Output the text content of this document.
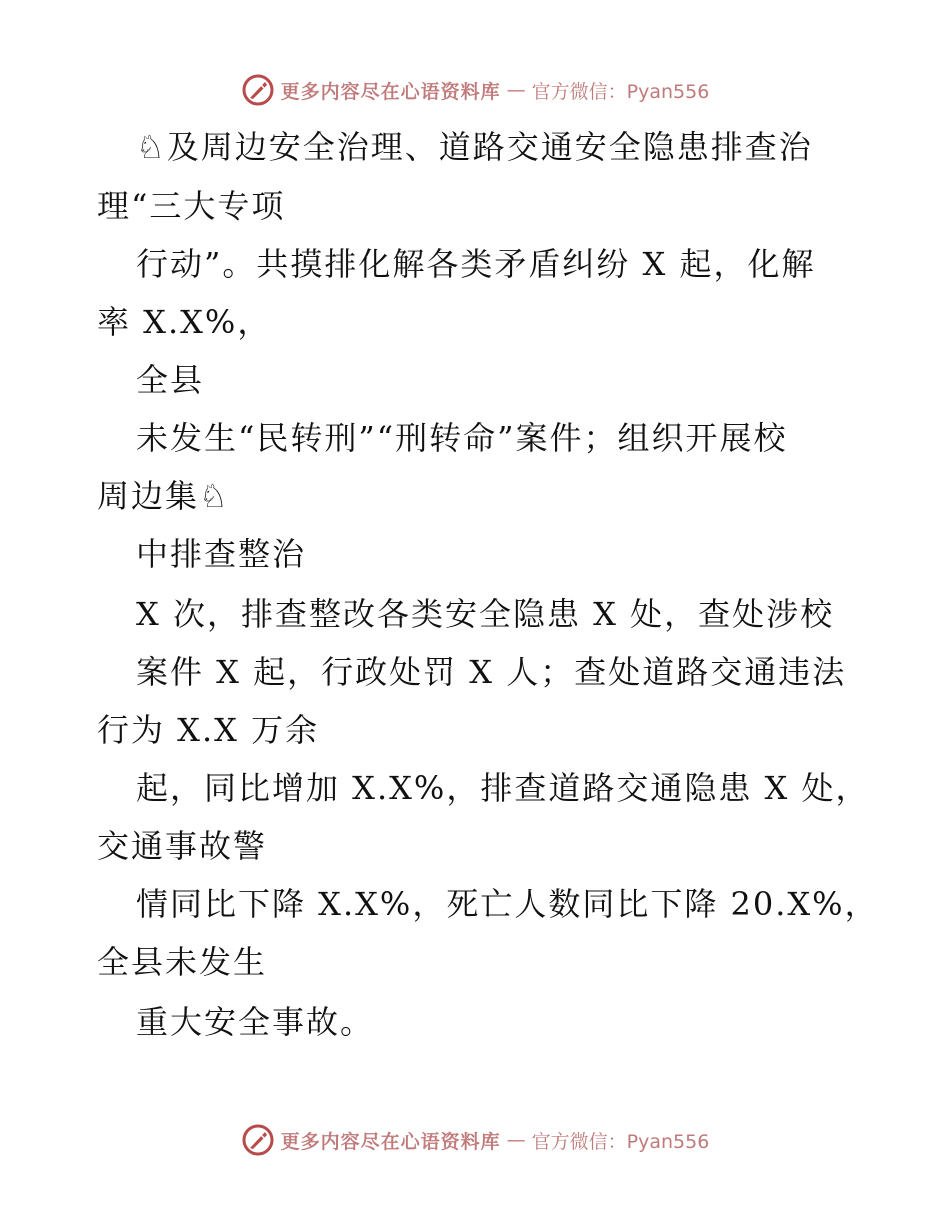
更多内容尽在心语资料库 — 官方微信：Pyan556
♘及周边安全治理、道路交通安全隐患排查治
理“三大专项
行动”。共摸排化解各类矛盾纠纷 X 起，化解
率 X.X%，
全县
未发生“民转刑”“刑转命”案件；组织开展校
周边集♘
中排查整治
X 次，排查整改各类安全隐患 X 处，查处涉校
案件 X 起，行政处罚 X 人；查处道路交通违法
行为 X.X 万余
起，同比增加 X.X%，排查道路交通隐患 X 处，
交通事故警
情同比下降 X.X%，死亡人数同比下降 20.X%，
全县未发生
重大安全事故。
更多内容尽在心语资料库 — 官方微信：Pyan556
